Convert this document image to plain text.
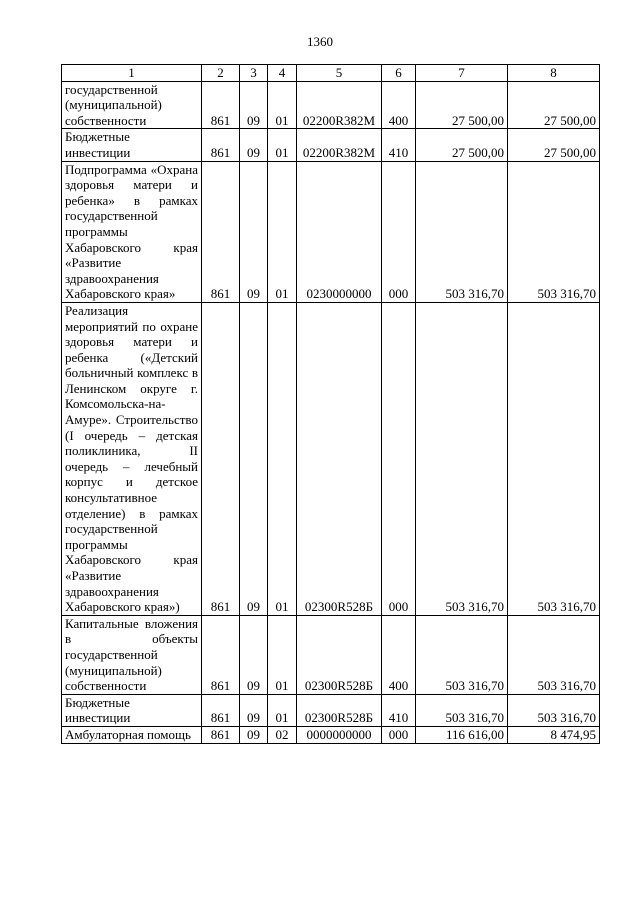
1360
1	2	3	4	5	6	7	8
государственной (муниципальной) собственности	861	09	01	02200R382M	400	27 500,00	27 500,00
Бюджетные инвестиции	861	09	01	02200R382M	410	27 500,00	27 500,00
Подпрограмма «Охрана здоровья матери и ребенка» в рамках государственной программы Хабаровского края «Развитие здравоохранения Хабаровского края»	861	09	01	0230000000	000	503 316,70	503 316,70
Реализация мероприятий по охране здоровья матери и ребенка («Детский больничный комплекс в Ленинском округе г. Комсомольска-на-Амуре». Строительство (I очередь – детская поликлиника, II очередь – лечебный корпус и детское консультативное отделение) в рамках государственной программы Хабаровского края «Развитие здравоохранения Хабаровского края»)	861	09	01	02300R528Б	000	503 316,70	503 316,70
Капитальные вложения в объекты государственной (муниципальной) собственности	861	09	01	02300R528Б	400	503 316,70	503 316,70
Бюджетные инвестиции	861	09	01	02300R528Б	410	503 316,70	503 316,70
Амбулаторная помощь	861	09	02	0000000000	000	116 616,00	8 474,95
